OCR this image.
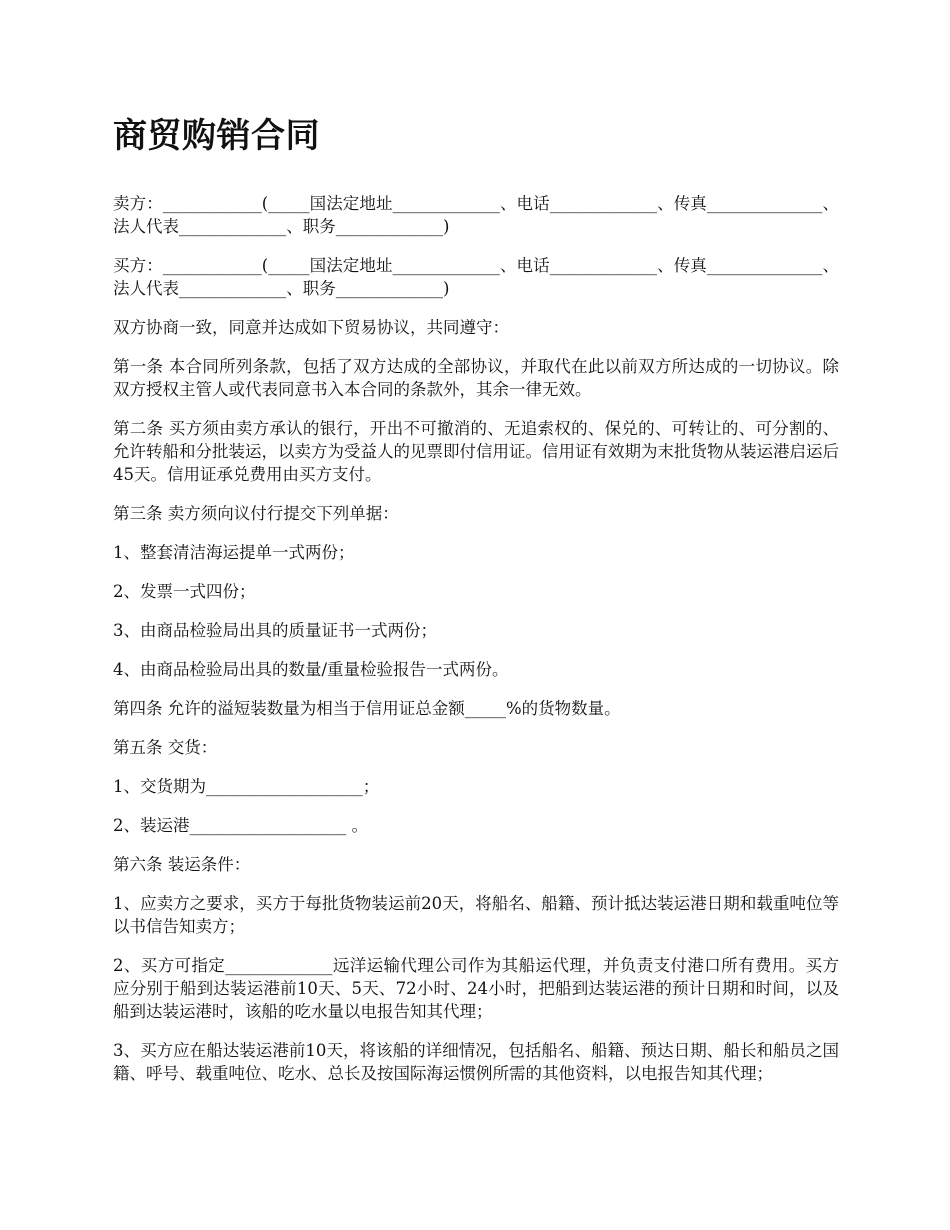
商贸购销合同

卖方：____________(_____国法定地址_____________、电话_____________、传真______________、法人代表_____________、职务_____________)

买方：____________(_____国法定地址_____________、电话_____________、传真______________、法人代表_____________、职务_____________)

双方协商一致，同意并达成如下贸易协议，共同遵守：

第一条 本合同所列条款，包括了双方达成的全部协议，并取代在此以前双方所达成的一切协议。除双方授权主管人或代表同意书入本合同的条款外，其余一律无效。

第二条 买方须由卖方承认的银行，开出不可撤消的、无追索权的、保兑的、可转让的、可分割的、允许转船和分批装运，以卖方为受益人的见票即付信用证。信用证有效期为末批货物从装运港启运后45天。信用证承兑费用由买方支付。

第三条 卖方须向议付行提交下列单据：

1、整套清洁海运提单一式两份；

2、发票一式四份；

3、由商品检验局出具的质量证书一式两份；

4、由商品检验局出具的数量/重量检验报告一式两份。

第四条 允许的溢短装数量为相当于信用证总金额_____%的货物数量。

第五条 交货：

1、交货期为___________________；

2、装运港___________________ 。

第六条 装运条件：

1、应卖方之要求，买方于每批货物装运前20天，将船名、船籍、预计抵达装运港日期和载重吨位等以书信告知卖方；

2、买方可指定_____________远洋运输代理公司作为其船运代理，并负责支付港口所有费用。买方应分别于船到达装运港前10天、5天、72小时、24小时，把船到达装运港的预计日期和时间，以及船到达装运港时，该船的吃水量以电报告知其代理；

3、买方应在船达装运港前10天，将该船的详细情况，包括船名、船籍、预达日期、船长和船员之国籍、呼号、载重吨位、吃水、总长及按国际海运惯例所需的其他资料，以电报告知其代理；
